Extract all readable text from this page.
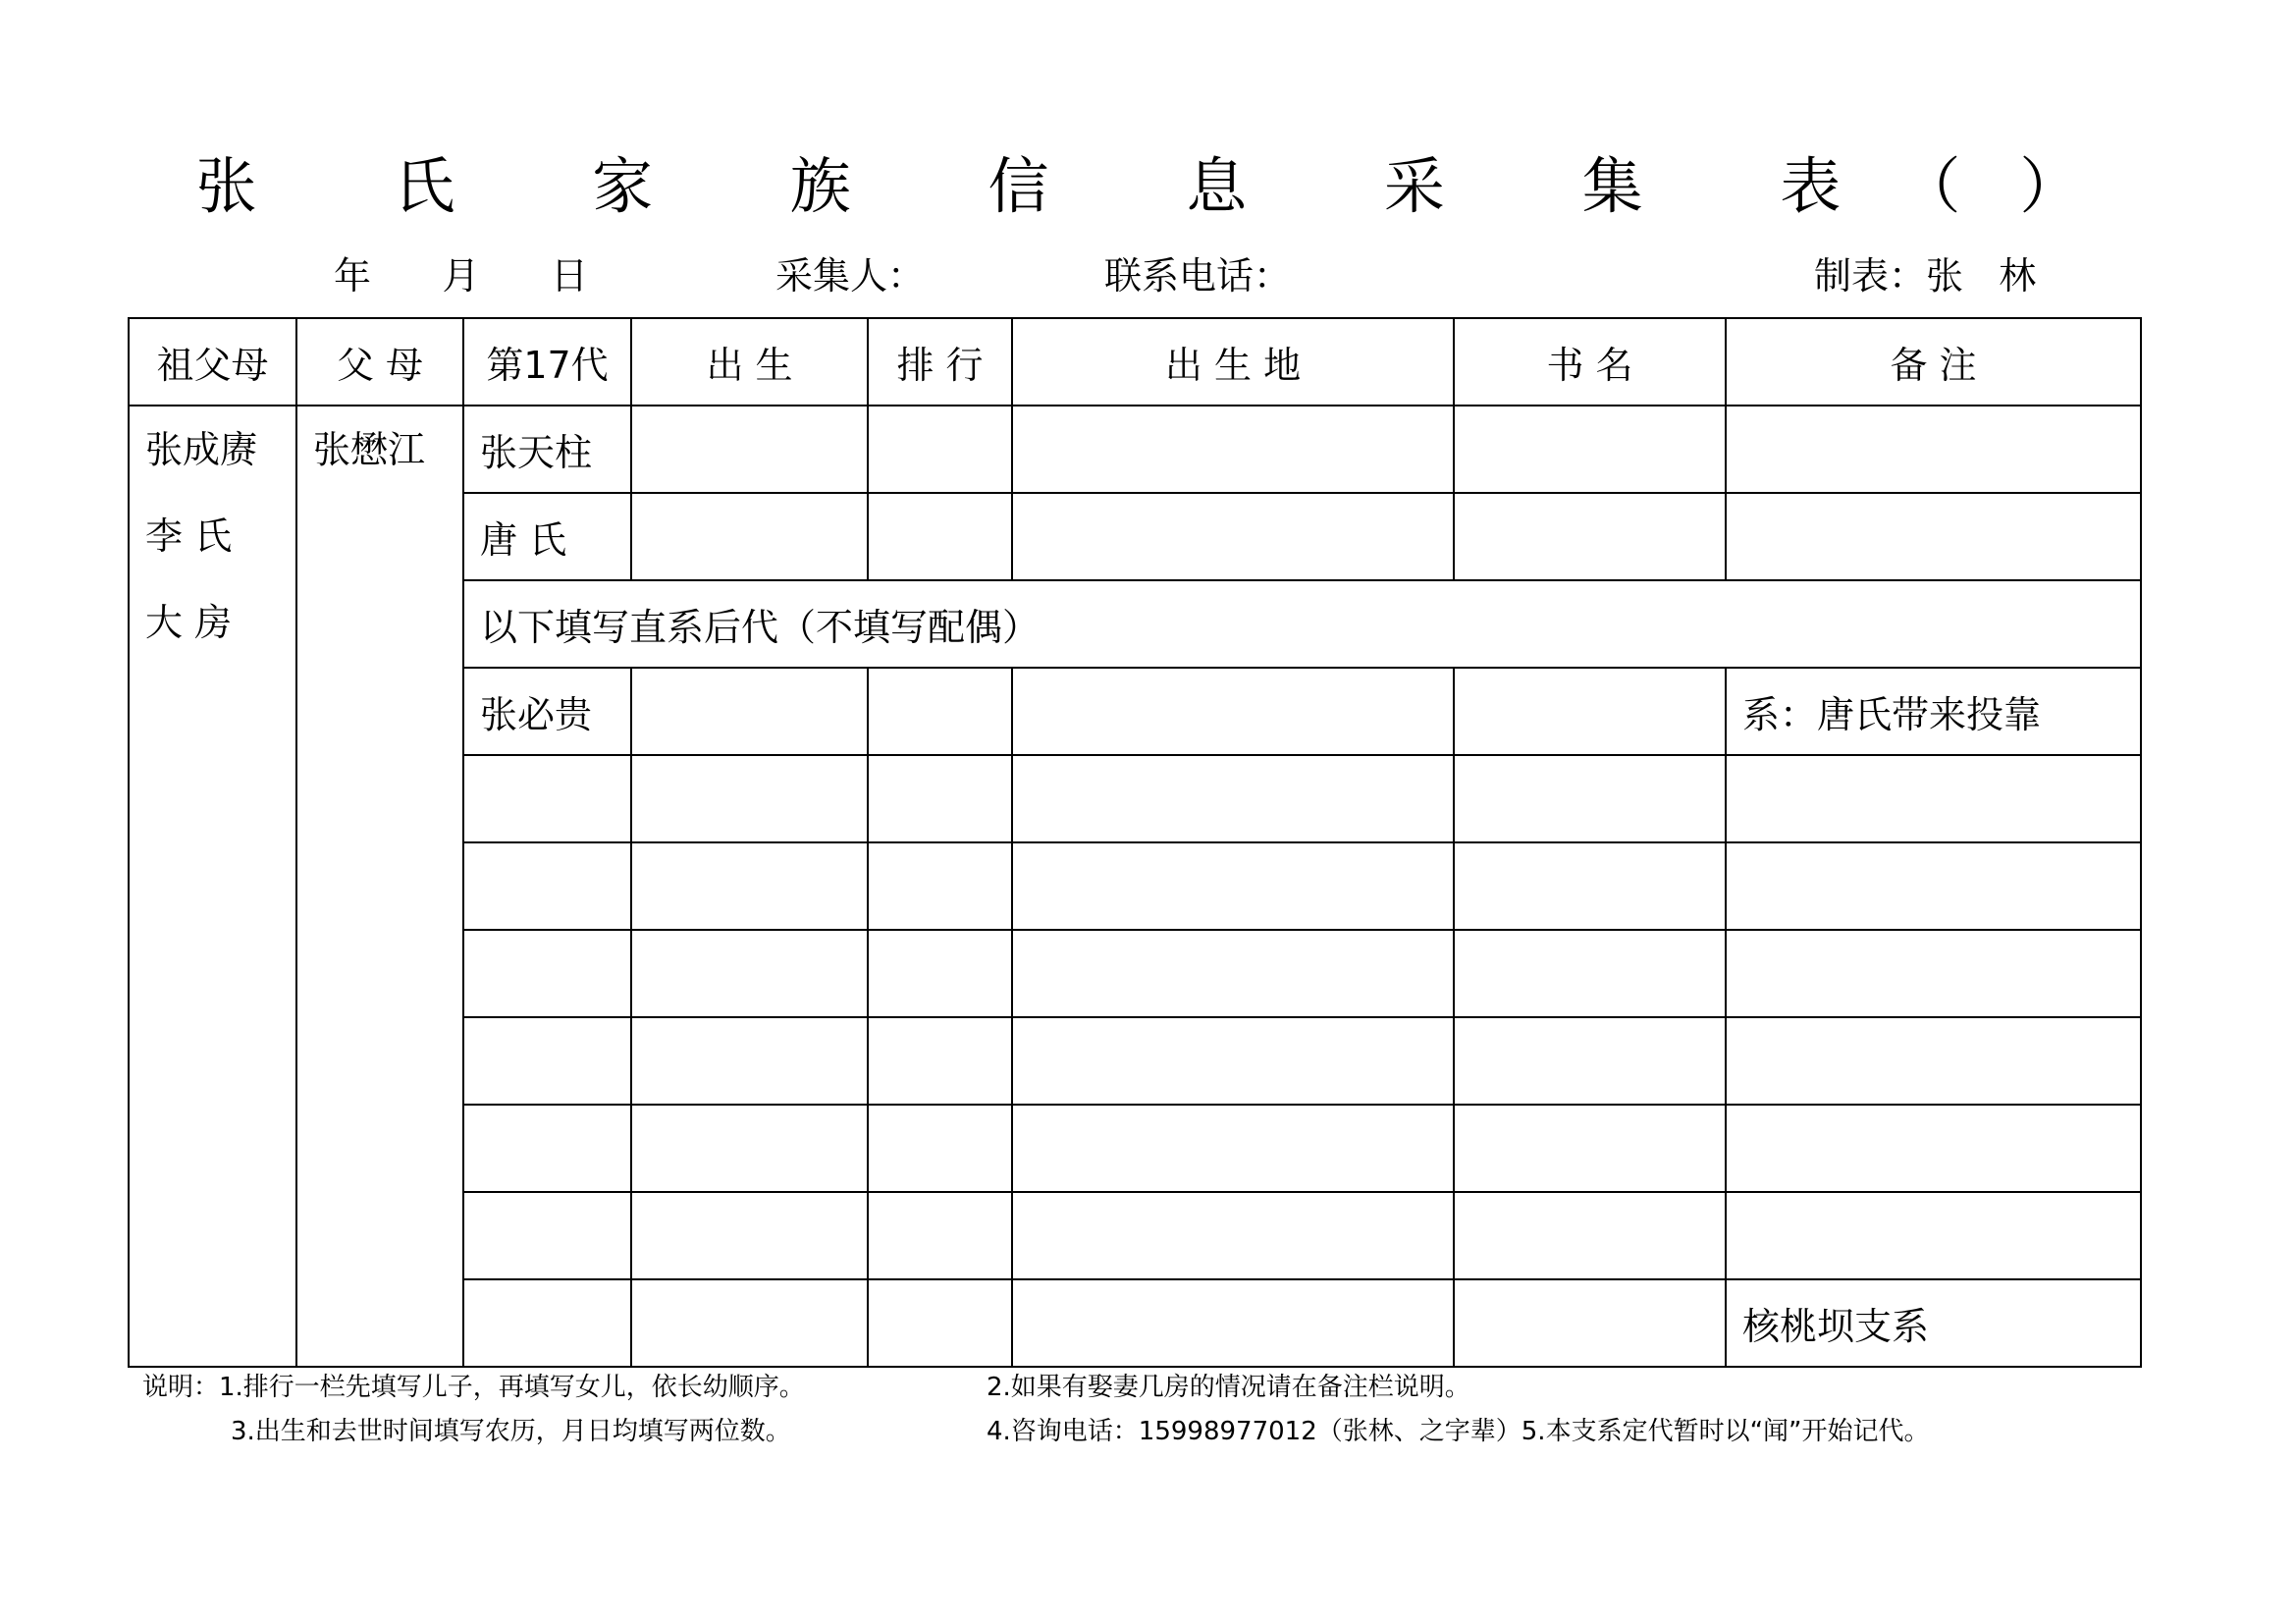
张 氏 家 族 信 息 采 集 表（）
年      月      日	采集人：	联系电话：	制表：张   林
祖父母	父 母	第17代	出 生	排 行	出 生 地	书 名	备 注

张成赓
李 氏
大 房	张懋江	张天柱					
		唐 氏					
		以下填写直系后代（不填写配偶）					
		张必贵					系：唐氏带来投靠

							核桃坝支系
说明：1.排行一栏先填写儿子，再填写女儿，依长幼顺序。	2.如果有娶妻几房的情况请在备注栏说明。
3.出生和去世时间填写农历，月日均填写两位数。	4.咨询电话：15998977012（张林、之字辈）5.本支系定代暂时以“闻”开始记代。
